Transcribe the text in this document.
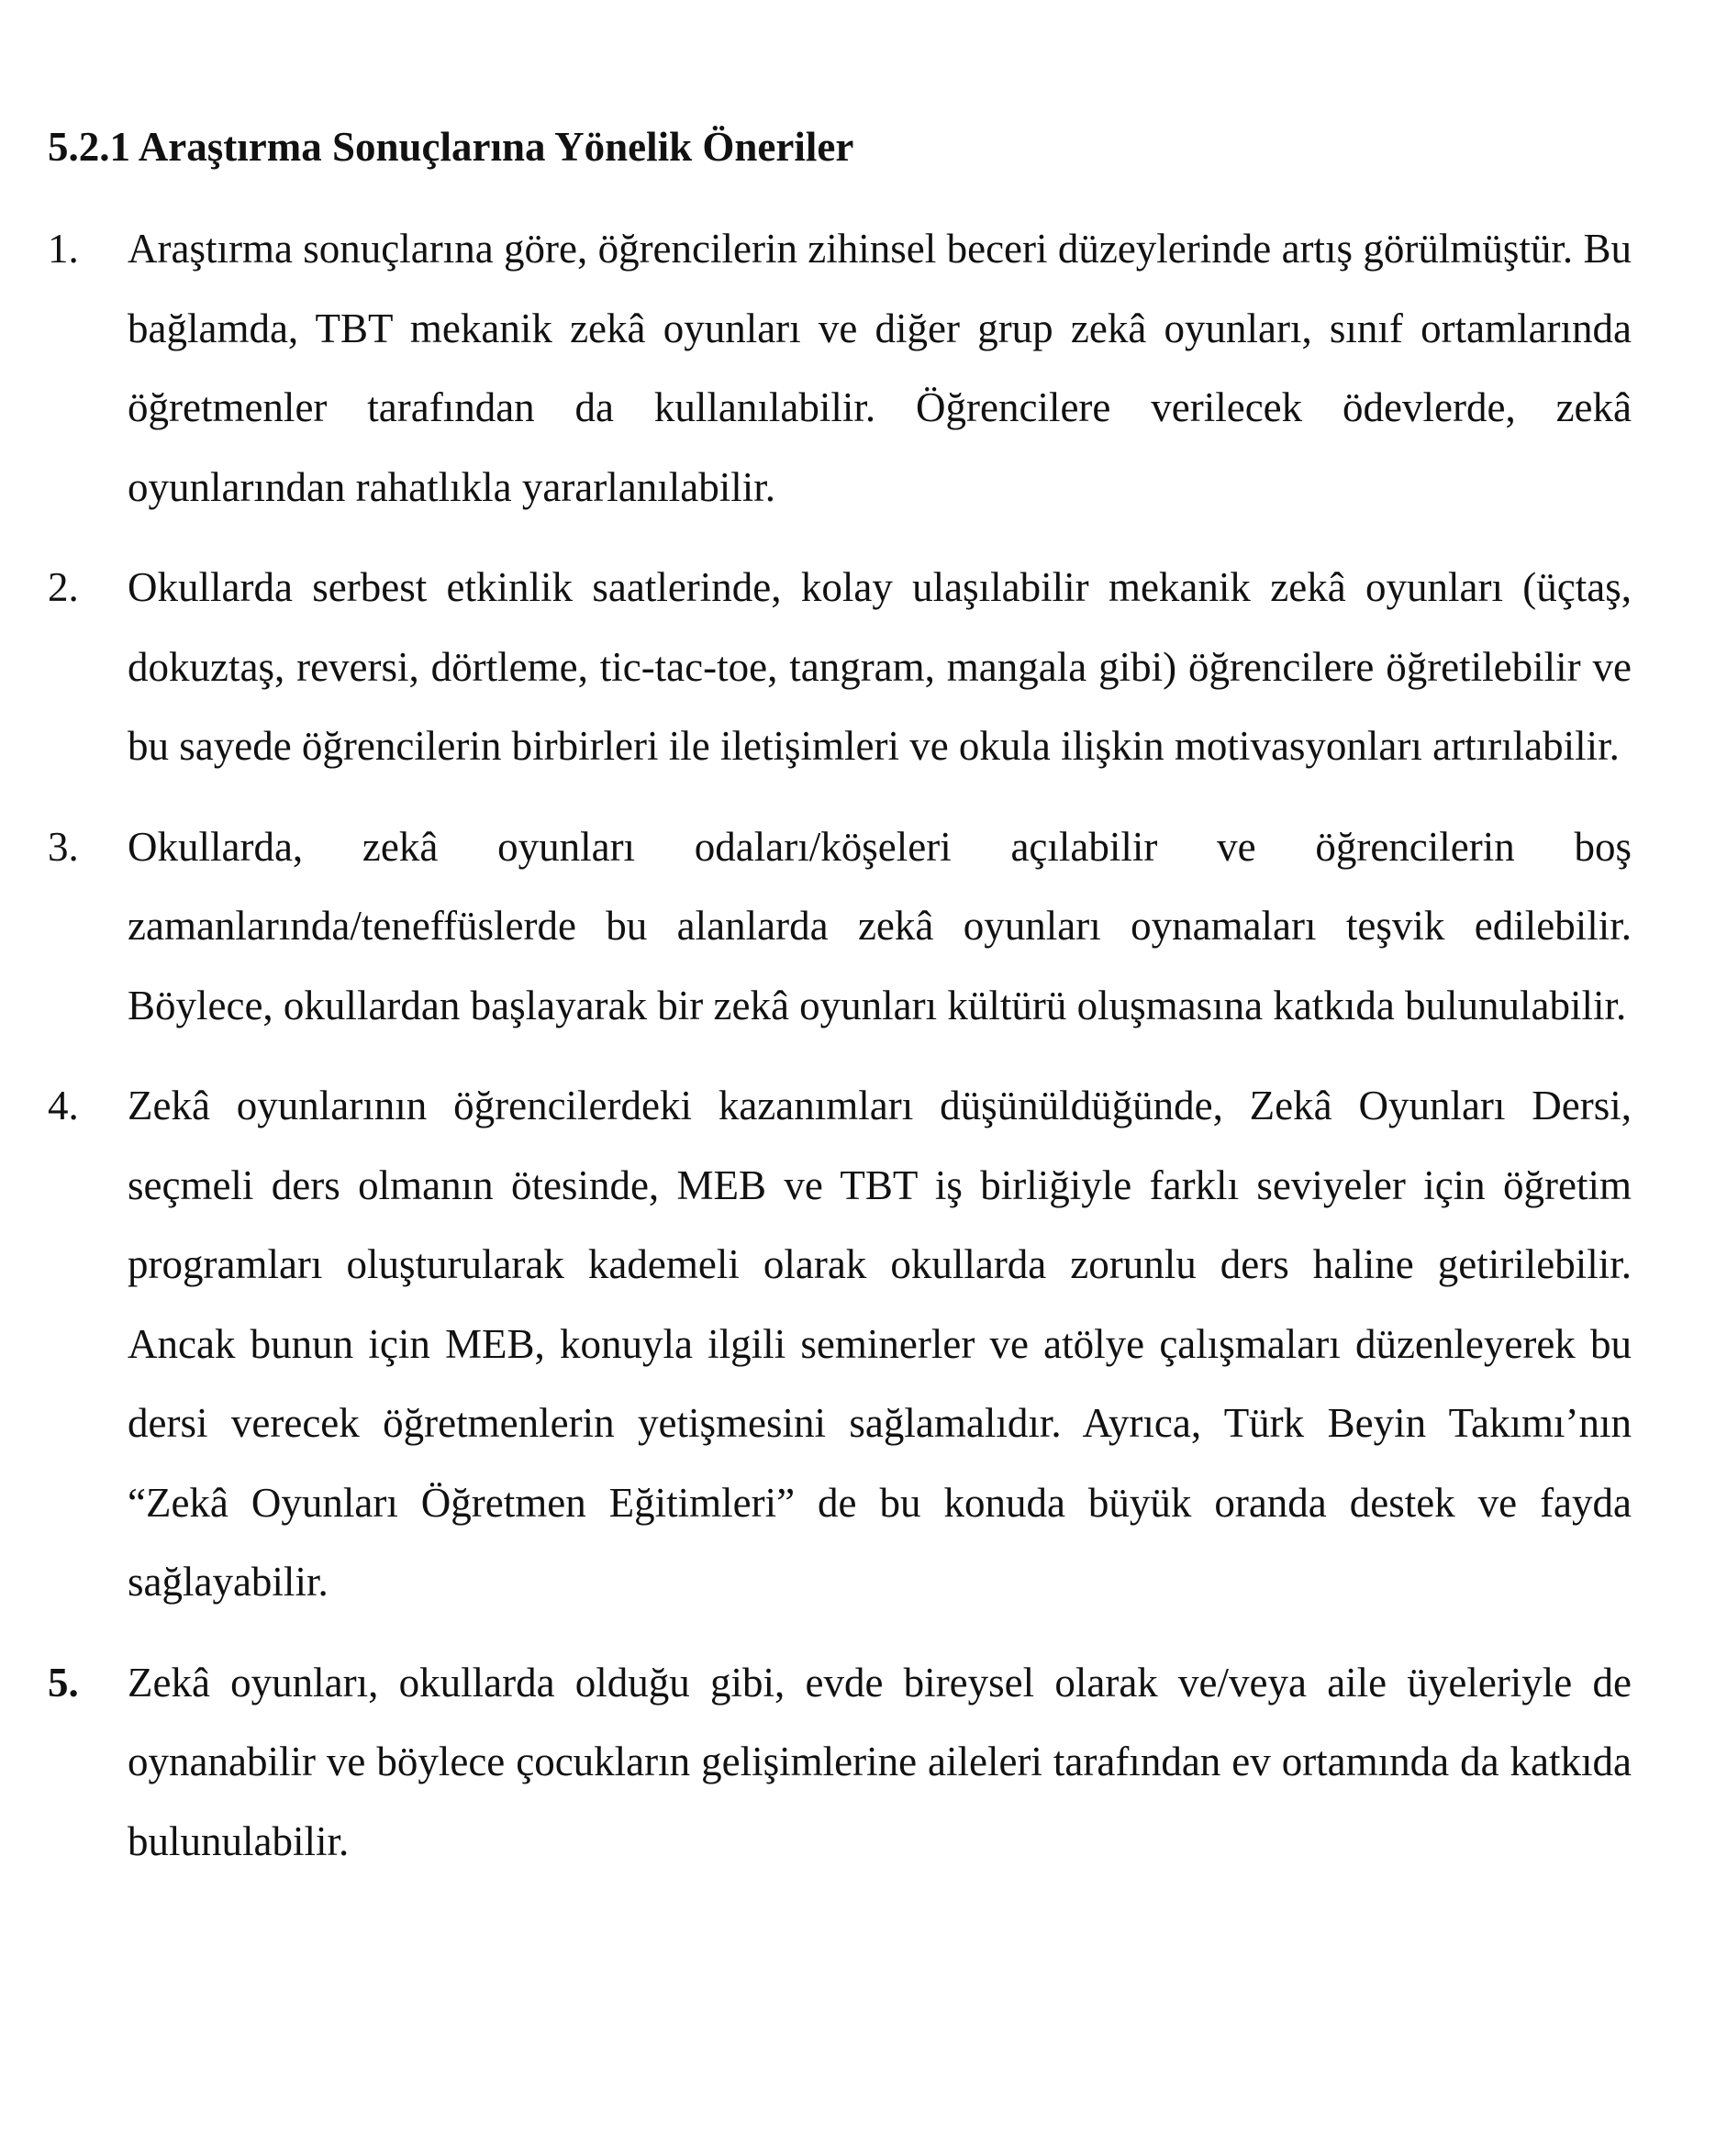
5.2.1 Araştırma Sonuçlarına Yönelik Öneriler
1.	Araştırma sonuçlarına göre, öğrencilerin zihinsel beceri düzeylerinde artış görülmüştür. Bu bağlamda, TBT mekanik zekâ oyunları ve diğer grup zekâ oyunları, sınıf ortamlarında öğretmenler tarafından da kullanılabilir. Öğrencilere verilecek ödevlerde, zekâ oyunlarından rahatlıkla yararlanılabilir.
2.	Okullarda serbest etkinlik saatlerinde, kolay ulaşılabilir mekanik zekâ oyunları (üçtaş, dokuztaş, reversi, dörtleme, tic-tac-toe, tangram, mangala gibi) öğrencilere öğretilebilir ve bu sayede öğrencilerin birbirleri ile iletişimleri ve okula ilişkin motivasyonları artırılabilir.
3.	Okullarda, zekâ oyunları odaları/köşeleri açılabilir ve öğrencilerin boş zamanlarında/teneffüslerde bu alanlarda zekâ oyunları oynamaları teşvik edilebilir. Böylece, okullardan başlayarak bir zekâ oyunları kültürü oluşmasına katkıda bulunulabilir.
4.	Zekâ oyunlarının öğrencilerdeki kazanımları düşünüldüğünde, Zekâ Oyunları Dersi, seçmeli ders olmanın ötesinde, MEB ve TBT iş birliğiyle farklı seviyeler için öğretim programları oluşturularak kademeli olarak okullarda zorunlu ders haline getirilebilir. Ancak bunun için MEB, konuyla ilgili seminerler ve atölye çalışmaları düzenleyerek bu dersi verecek öğretmenlerin yetişmesini sağlamalıdır. Ayrıca, Türk Beyin Takımı’nın “Zekâ Oyunları Öğretmen Eğitimleri” de bu konuda büyük oranda destek ve fayda sağlayabilir.
5.	Zekâ oyunları, okullarda olduğu gibi, evde bireysel olarak ve/veya aile üyeleriyle de oynanabilir ve böylece çocukların gelişimlerine aileleri tarafından ev ortamında da katkıda bulunulabilir.
